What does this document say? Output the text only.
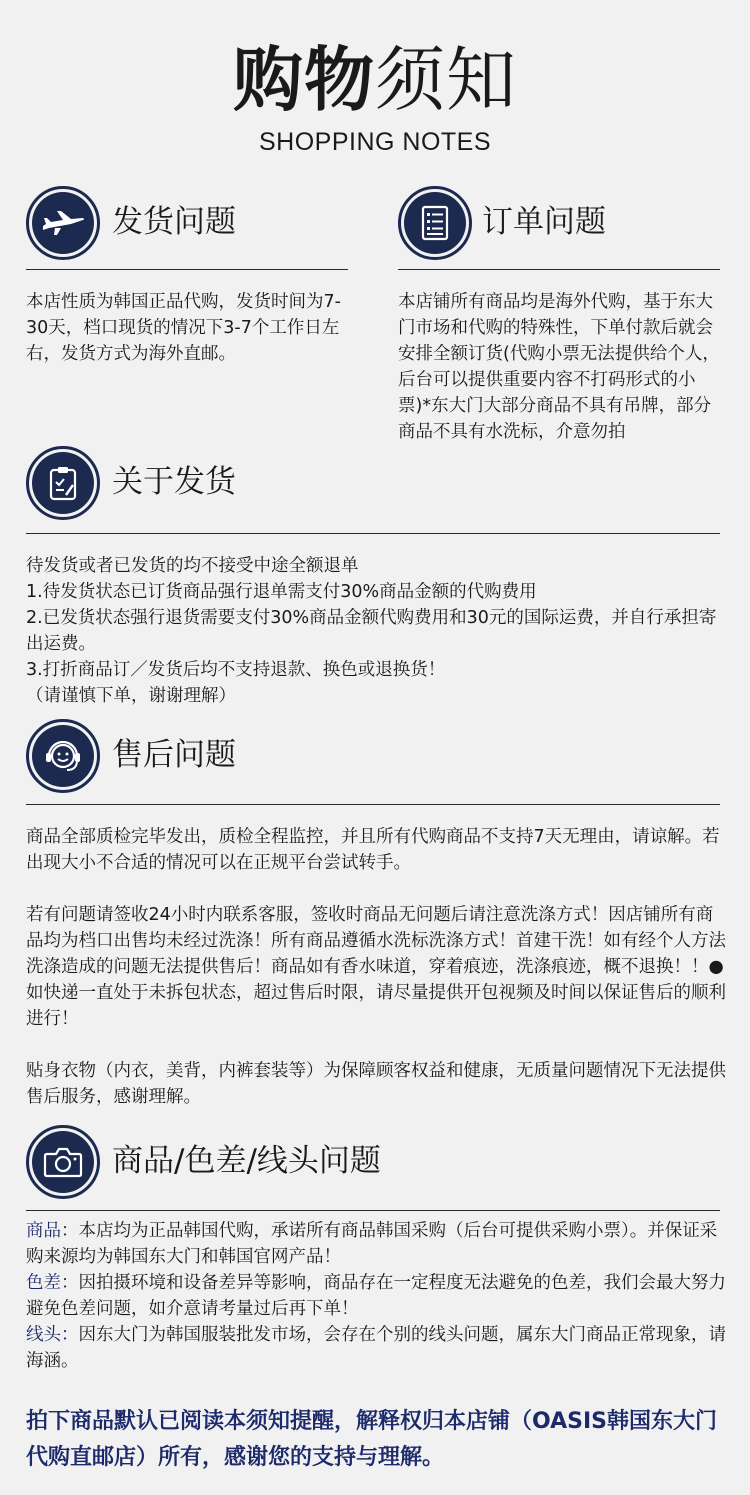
购物须知
SHOPPING NOTES
发货问题
本店性质为韩国正品代购，发货时间为7-30天，档口现货的情况下3-7个工作日左右，发货方式为海外直邮。
订单问题
本店铺所有商品均是海外代购，基于东大门市场和代购的特殊性，下单付款后就会安排全额订货(代购小票无法提供给个人，后台可以提供重要内容不打码形式的小票)*东大门大部分商品不具有吊牌，部分商品不具有水洗标，介意勿拍
关于发货

待发货或者已发货的均不接受中途全额退单

1.待发货状态已订货商品强行退单需支付30%商品金额的代购费用

2.已发货状态强行退货需要支付30%商品金额代购费用和30元的国际运费，并自行承担寄出运费。

3.打折商品订／发货后均不支持退款、换色或退换货！

（请谨慎下单，谢谢理解）

售后问题
商品全部质检完毕发出，质检全程监控，并且所有代购商品不支持7天无理由，请谅解。若出现大小不合适的情况可以在正规平台尝试转手。
若有问题请签收24小时内联系客服，签收时商品无问题后请注意洗涤方式！因店铺所有商品均为档口出售均未经过洗涤！所有商品遵循水洗标洗涤方式！首建干洗！如有经个人方法洗涤造成的问题无法提供售后！商品如有香水味道，穿着痕迹，洗涤痕迹，概不退换！！● 如快递一直处于未拆包状态，超过售后时限，请尽量提供开包视频及时间以保证售后的顺利进行！
贴身衣物（内衣，美背，内裤套装等）为保障顾客权益和健康，无质量问题情况下无法提供售后服务，感谢理解。
商品/色差/线头问题

商品：本店均为正品韩国代购，承诺所有商品韩国采购（后台可提供采购小票）。并保证采购来源均为韩国东大门和韩国官网产品！

色差：因拍摄环境和设备差异等影响，商品存在一定程度无法避免的色差，我们会最大努力避免色差问题，如介意请考量过后再下单！

线头：因东大门为韩国服装批发市场，会存在个别的线头问题，属东大门商品正常现象，请海涵。

拍下商品默认已阅读本须知提醒，解释权归本店铺（OASIS韩国东大门代购直邮店）所有，感谢您的支持与理解。
